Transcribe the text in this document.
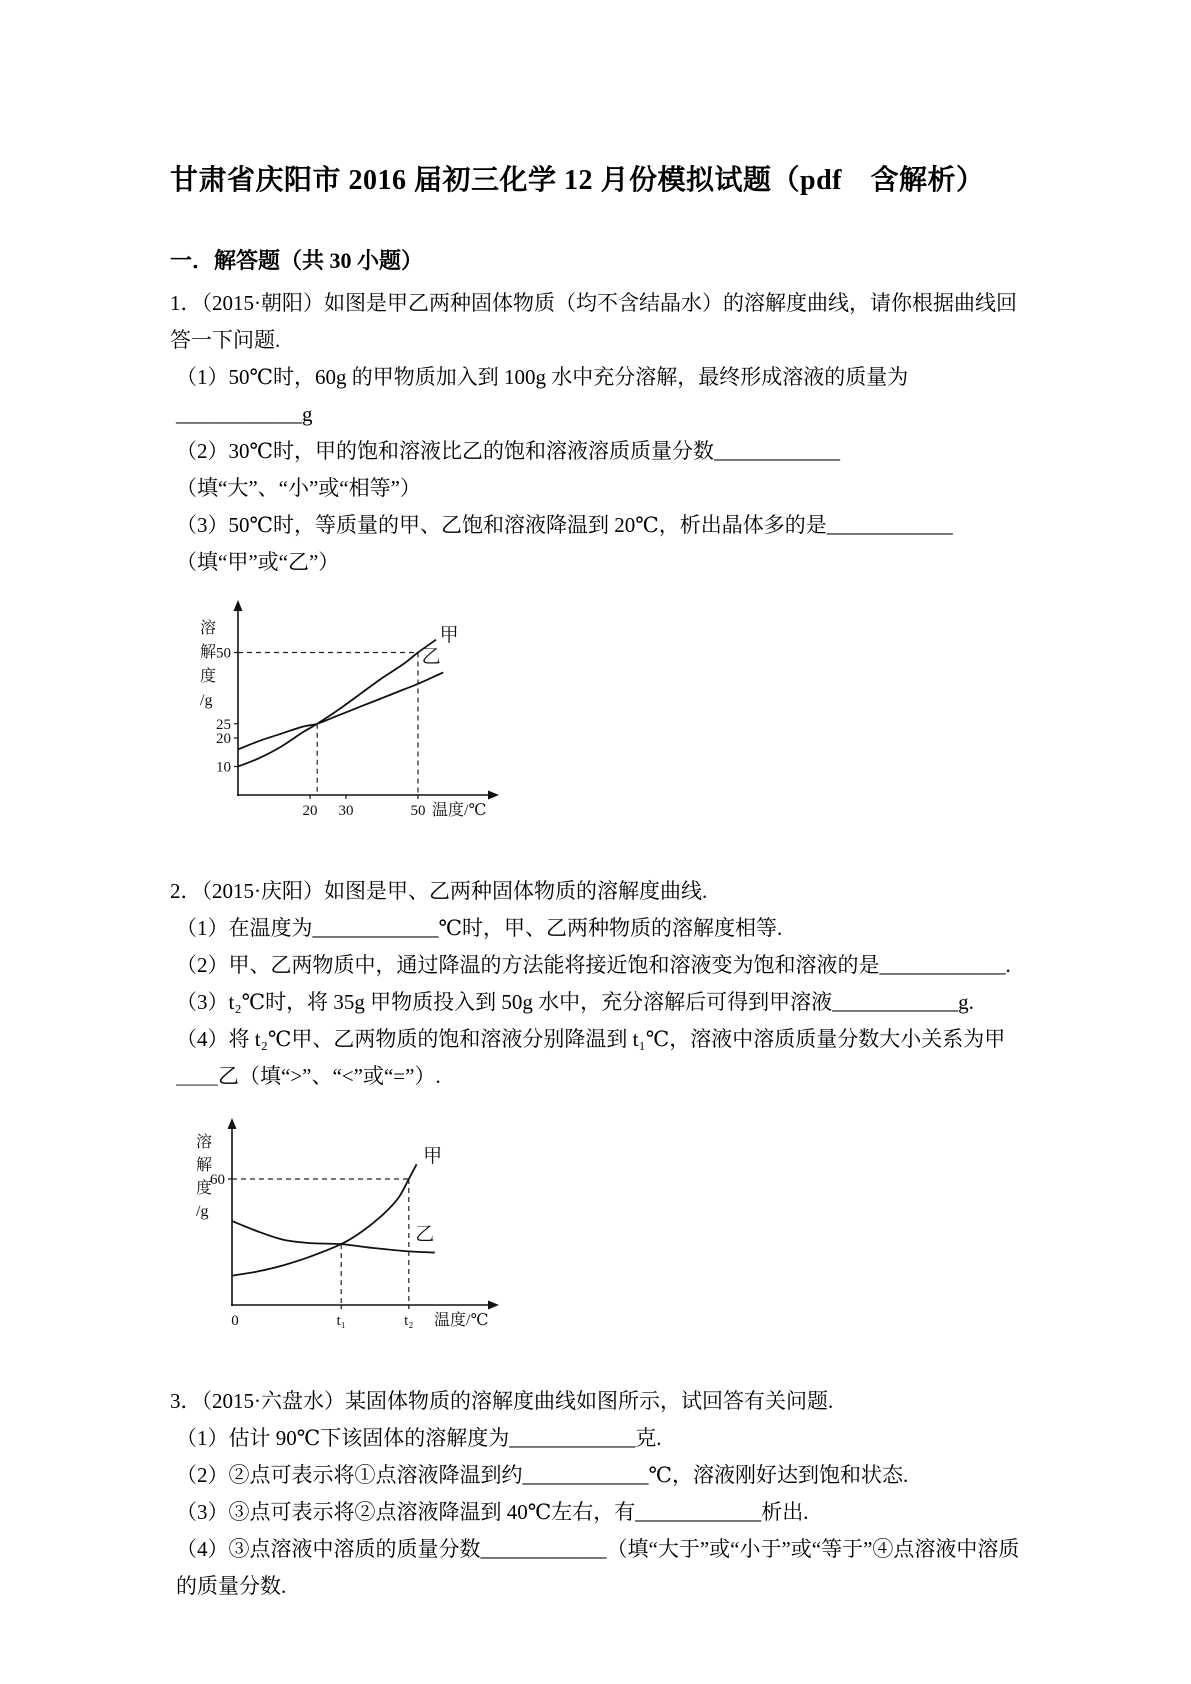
甘肃省庆阳市 2016 届初三化学 12 月份模拟试题（pdf　含解析）
一．解答题（共 30 小题）

1．（2015·朝阳）如图是甲乙两种固体物质（均不含结晶水）的溶解度曲线，请你根据曲线回答一下问题.

（1）50℃时，60g 的甲物质加入到 100g 水中充分溶解，最终形成溶液的质量为____________g

（2）30℃时，甲的饱和溶液比乙的饱和溶液溶质质量分数____________（填“大”、“小”或“相等”）

（3）50℃时，等质量的甲、乙饱和溶液降温到 20℃，析出晶体多的是____________（填“甲”或“乙”）

甲
乙
10
20
25
50
20 30	50
溶
解
度
/g
温度/℃

2．（2015·庆阳）如图是甲、乙两种固体物质的溶解度曲线.

（1）在温度为____________℃时，甲、乙两种物质的溶解度相等.

（2）甲、乙两物质中，通过降温的方法能将接近饱和溶液变为饱和溶液的是____________.

（3）t₂℃时，将 35g 甲物质投入到 50g 水中，充分溶解后可得到甲溶液____________g.

（4）将 t₂℃甲、乙两物质的饱和溶液分别降温到 t₁℃，溶液中溶质质量分数大小关系为甲＿＿乙（填“>”、“<”或“=”）.

甲
乙
60
0	t₁	t₂
溶
解
度
/g
温度/℃

3．（2015·六盘水）某固体物质的溶解度曲线如图所示，试回答有关问题.

（1）估计 90℃下该固体的溶解度为____________克.

（2）②点可表示将①点溶液降温到约____________℃，溶液刚好达到饱和状态.

（3）③点可表示将②点溶液降温到 40℃左右，有____________析出.

（4）③点溶液中溶质的质量分数____________（填“大于”或“小于”或“等于”④点溶液中溶质的质量分数.
